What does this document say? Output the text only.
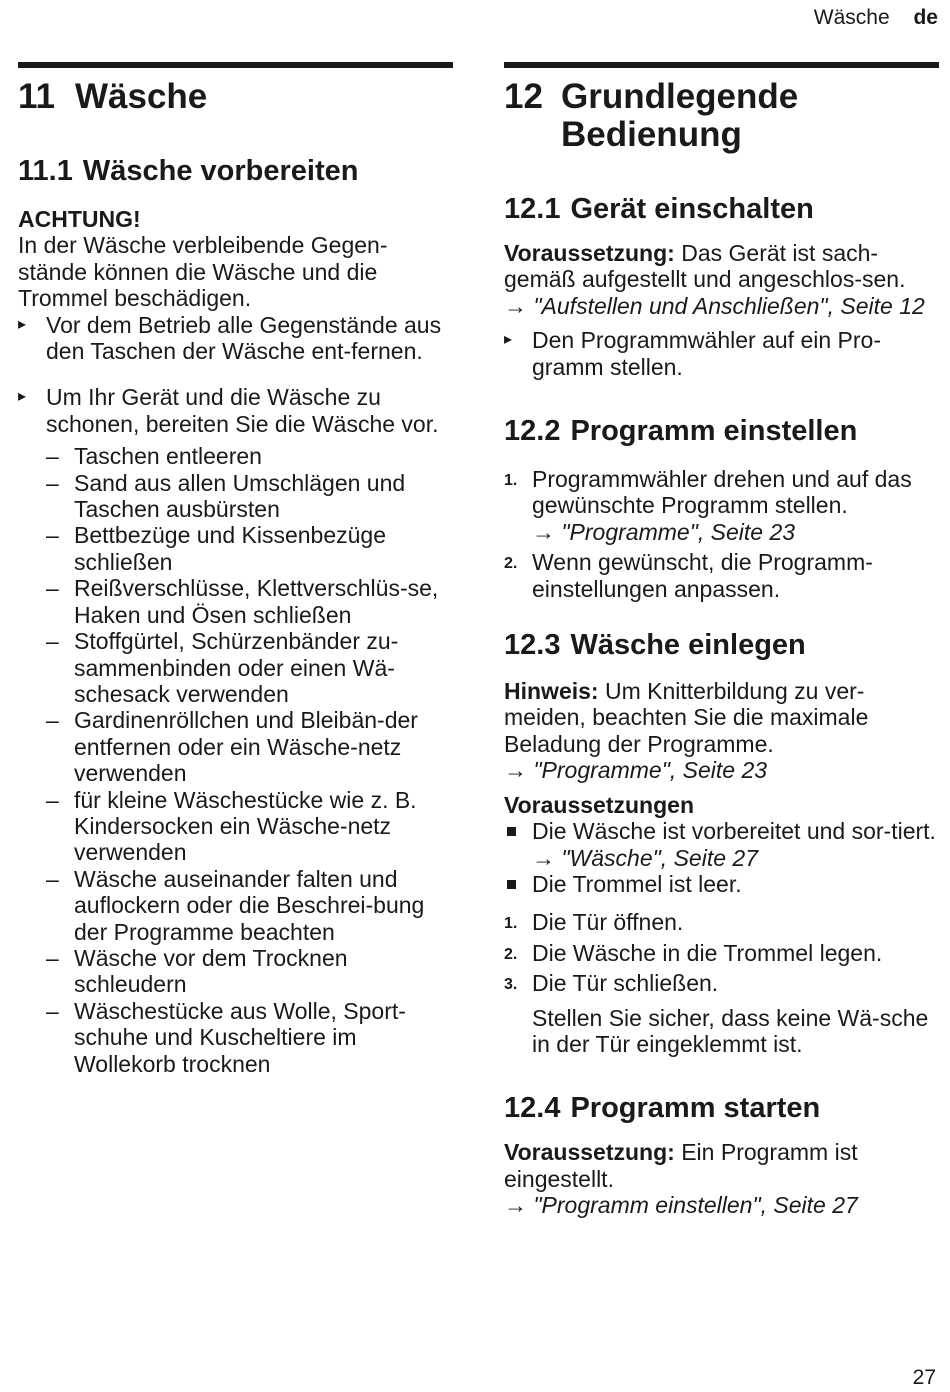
Wäsche de
11 Wäsche
11.1 Wäsche vorbereiten

ACHTUNG!

In der Wäsche verbleibende Gegen-stände können die Wäsche und die Trommel beschädigen.

▸ Vor dem Betrieb alle Gegenstände aus den Taschen der Wäsche ent-fernen.
▸ Um Ihr Gerät und die Wäsche zu schonen, bereiten Sie die Wäsche vor.
– Taschen entleeren
– Sand aus allen Umschlägen und Taschen ausbürsten
– Bettbezüge und Kissenbezüge schließen
– Reißverschlüsse, Klettverschlüs-se, Haken und Ösen schließen
– Stoffgürtel, Schürzenbänder zu-sammenbinden oder einen Wä-schesack verwenden
– Gardinenröllchen und Bleibän-der entfernen oder ein Wäsche-netz verwenden
– für kleine Wäschestücke wie z. B. Kindersocken ein Wäsche-netz verwenden
– Wäsche auseinander falten und auflockern oder die Beschrei-bung der Programme beachten
– Wäsche vor dem Trocknen schleudern
– Wäschestücke aus Wolle, Sport-schuhe und Kuscheltiere im Wollekorb trocknen
12 Grundlegende Bedienung
12.1 Gerät einschalten

Voraussetzung: Das Gerät ist sach-gemäß aufgestellt und angeschlos-sen.

→ "Aufstellen und Anschließen", Seite 12

▸ Den Programmwähler auf ein Pro-gramm stellen.
12.2 Programm einstellen
1. Programmwähler drehen und auf das gewünschte Programm stellen.
→ "Programme", Seite 23
2. Wenn gewünscht, die Programm-einstellungen anpassen.
12.3 Wäsche einlegen

Hinweis: Um Knitterbildung zu ver-meiden, beachten Sie die maximale Beladung der Programme.

→ "Programme", Seite 23

Voraussetzungen

Die Wäsche ist vorbereitet und sor-tiert.
→ "Wäsche", Seite 27
Die Trommel ist leer.
1. Die Tür öffnen.
2. Die Wäsche in die Trommel legen.
3. Die Tür schließen.

Stellen Sie sicher, dass keine Wä-sche in der Tür eingeklemmt ist.

12.4 Programm starten

Voraussetzung: Ein Programm ist eingestellt.

→ "Programm einstellen", Seite 27

27
